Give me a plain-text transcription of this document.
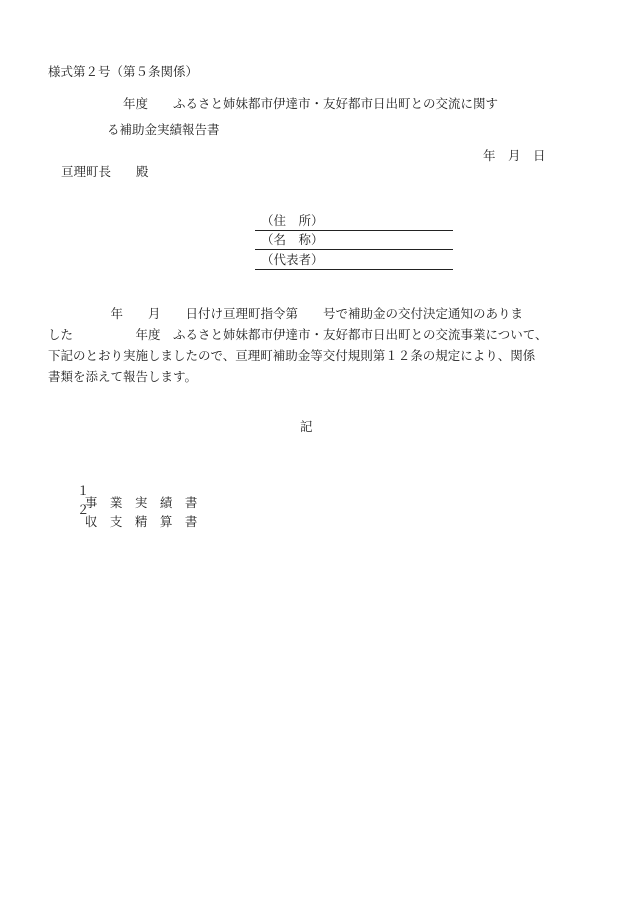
様式第２号（第５条関係）
　　　　　　年度　　ふるさと姉妹都市伊達市・友好都市日出町との交流に関す
る補助金実績報告書
年　月　日
亘理町長　　殿
（住　所）
（名　称）
（代表者）
　　　　　年　　月　　日付け亘理町指令第　　号で補助金の交付決定通知のありま
した　　　　　年度　ふるさと姉妹都市伊達市・友好都市日出町との交流事業について、
下記のとおり実施しましたので、亘理町補助金等交付規則第１２条の規定により、関係
書類を添えて報告します。
記

１
事　業　実　績　書

２
収　支　精　算　書
